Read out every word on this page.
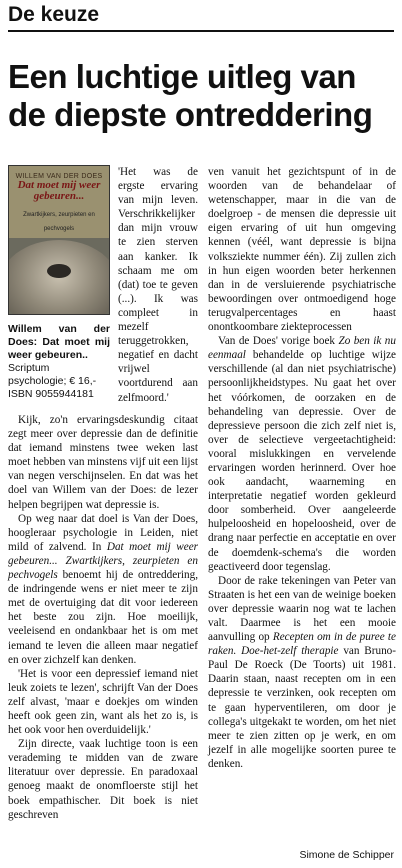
De keuze
Een luchtige uitleg van de diepste ontreddering
WILLEM VAN DER DOES
Dat moet mij weer gebeuren...
Zwartkijkers, zeurpieten en pechvogels
Willem van der Does: Dat moet mij weer gebeuren..
Scriptum psychologie; € 16,-
ISBN 9055944181
'Het was de ergste ervaring van mijn leven. Verschrikkelijker dan mijn vrouw te zien sterven aan kanker. Ik schaam me om (dat) toe te geven (...). Ik was compleet in mezelf teruggetrokken, negatief en dacht vrijwel voortdurend aan zelfmoord.'

Kijk, zo'n ervaringsdeskundig citaat zegt meer over depressie dan de definitie dat iemand minstens twee weken last moet hebben van minstens vijf uit een lijst van negen verschijnselen. En dat was het doel van Willem van der Does: de lezer helpen begrijpen wat depressie is.

Op weg naar dat doel is Van der Does, hoogleraar psychologie in Leiden, niet mild of zalvend. In Dat moet mij weer gebeuren... Zwartkijkers, zeurpieten en pechvogels benoemt hij de ontreddering, de indringende wens er niet meer te zijn met de overtuiging dat dit voor iedereen het beste zou zijn. Hoe moeilijk, veeleisend en ondankbaar het is om met iemand te leven die alleen maar negatief en over zichzelf kan denken.

'Het is voor een depressief iemand niet leuk zoiets te lezen', schrijft Van der Does zelf alvast, 'maar e doekjes om winden heeft ook geen zin, want als het zo is, is het ook voor hen overduidelijk.'

Zijn directe, vaak luchtige toon is een verademing te midden van de zware literatuur over depressie. En paradoxaal genoeg maakt de onomfloerste stijl het boek empathischer. Dit boek is niet geschreven

ven vanuit het gezichtspunt of in de woorden van de behandelaar of wetenschapper, maar in die van de doelgroep - de mensen die depressie uit eigen ervaring of uit hun omgeving kennen (véél, want depressie is bijna volksziekte nummer één). Zij zullen zich in hun eigen woorden beter herkennen dan in de versluierende psychiatrische bewoordingen over ontmoedigend hoge terugvalpercentages en haast onontkoombare ziekteprocessen

Van de Does' vorige boek Zo ben ik nu eenmaal behandelde op luchtige wijze verschillende (al dan niet psychiatrische) persoonlijkheidstypes. Nu gaat het over het vóórkomen, de oorzaken en de behandeling van depressie. Over de depressieve persoon die zich zelf niet is, over de selectieve vergeetachtigheid: vooral mislukkingen en vervelende ervaringen worden herinnerd. Over hoe ook aandacht, waarneming en interpretatie negatief worden gekleurd door somberheid. Over aangeleerde hulpeloosheid en hopeloosheid, over de drang naar perfectie en acceptatie en over de doemdenk-schema's die worden geactiveerd door tegenslag.

Door de rake tekeningen van Peter van Straaten is het een van de weinige boeken over depressie waarin nog wat te lachen valt. Daarmee is het een mooie aanvulling op Recepten om in de puree te raken. Doe-het-zelf therapie van Bruno-Paul De Roeck (De Toorts) uit 1981. Daarin staan, naast recepten om in een depressie te verzinken, ook recepten om te gaan hyperventileren, om door je collega's uitgekakt te worden, om het niet meer te zien zitten op je werk, en om jezelf in alle mogelijke soorten puree te denken.

Simone de Schipper
